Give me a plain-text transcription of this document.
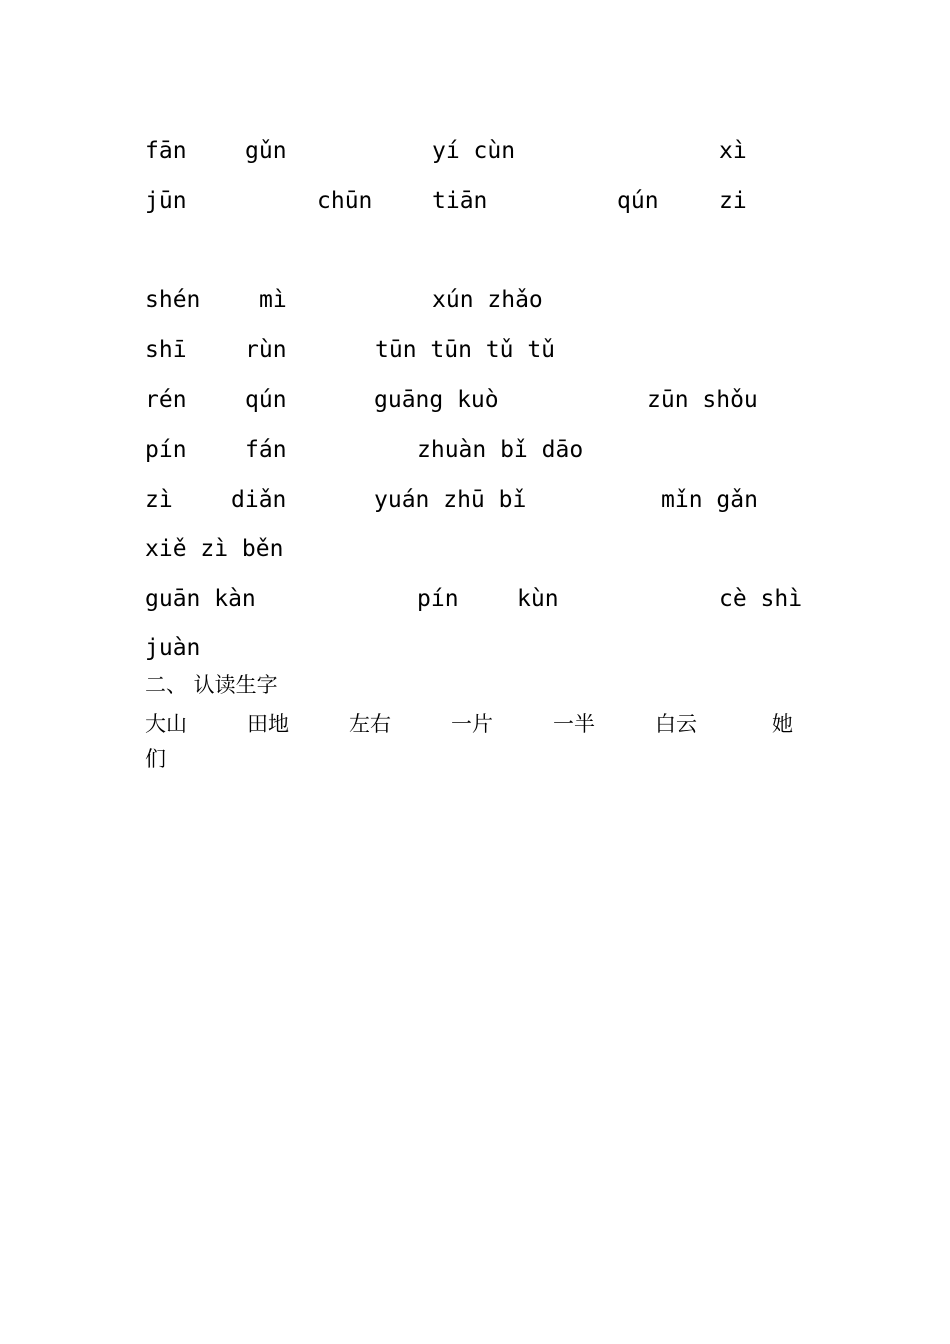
fān	gǔn	yí cùn	xì
jūn	chūn	tiān	qún	zi
shén	mì	xún zhǎo
shī	rùn	tūn tūn tǔ tǔ
rén	qún	guāng kuò	zūn shǒu
pín	fán	zhuàn bǐ dāo
zì	diǎn	yuán zhū bǐ	mǐn gǎn
xiě zì běn
guān kàn	pín	kùn	cè shì
juàn
二、 认读生字
大山	田地	左右	一片	一半	白云	她
们
